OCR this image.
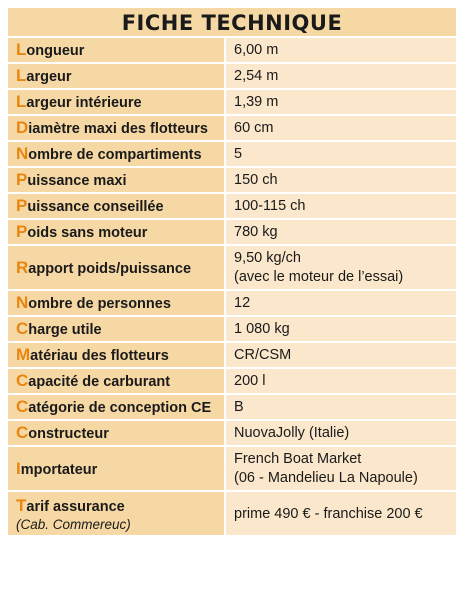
FICHE TECHNIQUE
Longueur	6,00 m
Largeur	2,54 m
Largeur intérieure	1,39 m
Diamètre maxi des flotteurs	60 cm
Nombre de compartiments	5
Puissance maxi	150 ch
Puissance conseillée	100-115 ch
Poids sans moteur	780 kg
Rapport poids/puissance	9,50 kg/ch
(avec le moteur de l’essai)

Nombre de personnes	12
Charge utile	1 080 kg
Matériau des flotteurs	CR/CSM
Capacité de carburant	200 l
Catégorie de conception CE	B
Constructeur	NuovaJolly (Italie)
Importateur	French Boat Market
(06 - Mandelieu La Napoule)

Tarif assurance
(Cab. Commereuc)	prime 490 € - franchise 200 €
